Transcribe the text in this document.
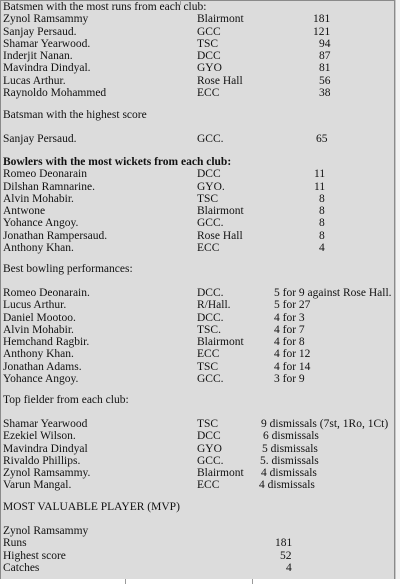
Batsmen with the most runs from each club:
Zynol Ramsammy	Blairmont	181
Sanjay Persaud.	GCC	121
Shamar Yearwood.	TSC	94
Inderjit Nanan.	DCC	87
Mavindra Dindyal.	GYO	81
Lucas Arthur.	Rose Hall	56
Raynoldo Mohammed	ECC	38
Batsman with the highest score
Sanjay Persaud.	GCC.	65
Bowlers with the most wickets from each club:
Romeo Deonarain	DCC	11
Dilshan Ramnarine.	GYO.	11
Alvin Mohabir.	TSC	8
Antwone	Blairmont	8
Yohance Angoy.	GCC.	8
Jonathan Rampersaud.	Rose Hall	8
Anthony Khan.	ECC	4
Best bowling performances:
Romeo Deonarain.	DCC.	5 for 9 against Rose Hall.
Lucus Arthur.	R/Hall.	5 for 27
Daniel Mootoo.	DCC.	4 for 3
Alvin Mohabir.	TSC.	4 for 7
Hemchand Ragbir.	Blairmont	4 for 8
Anthony Khan.	ECC	4 for 12
Jonathan Adams.	TSC	4 for 14
Yohance Angoy.	GCC.	3 for 9
Top fielder from each club:
Shamar Yearwood	TSC	9 dismissals (7st, 1Ro, 1Ct)
Ezekiel Wilson.	DCC	6 dismissals
Mavindra Dindyal	GYO	5 dismissals
Rivaldo Phillips.	GCC.	5. dismissals
Zynol Ramsammy.	Blairmont 4 dismissals
Varun Mangal.	ECC	4 dismissals
MOST VALUABLE PLAYER (MVP)
Zynol Ramsammy
Runs	181
Highest score	52
Catches	4
